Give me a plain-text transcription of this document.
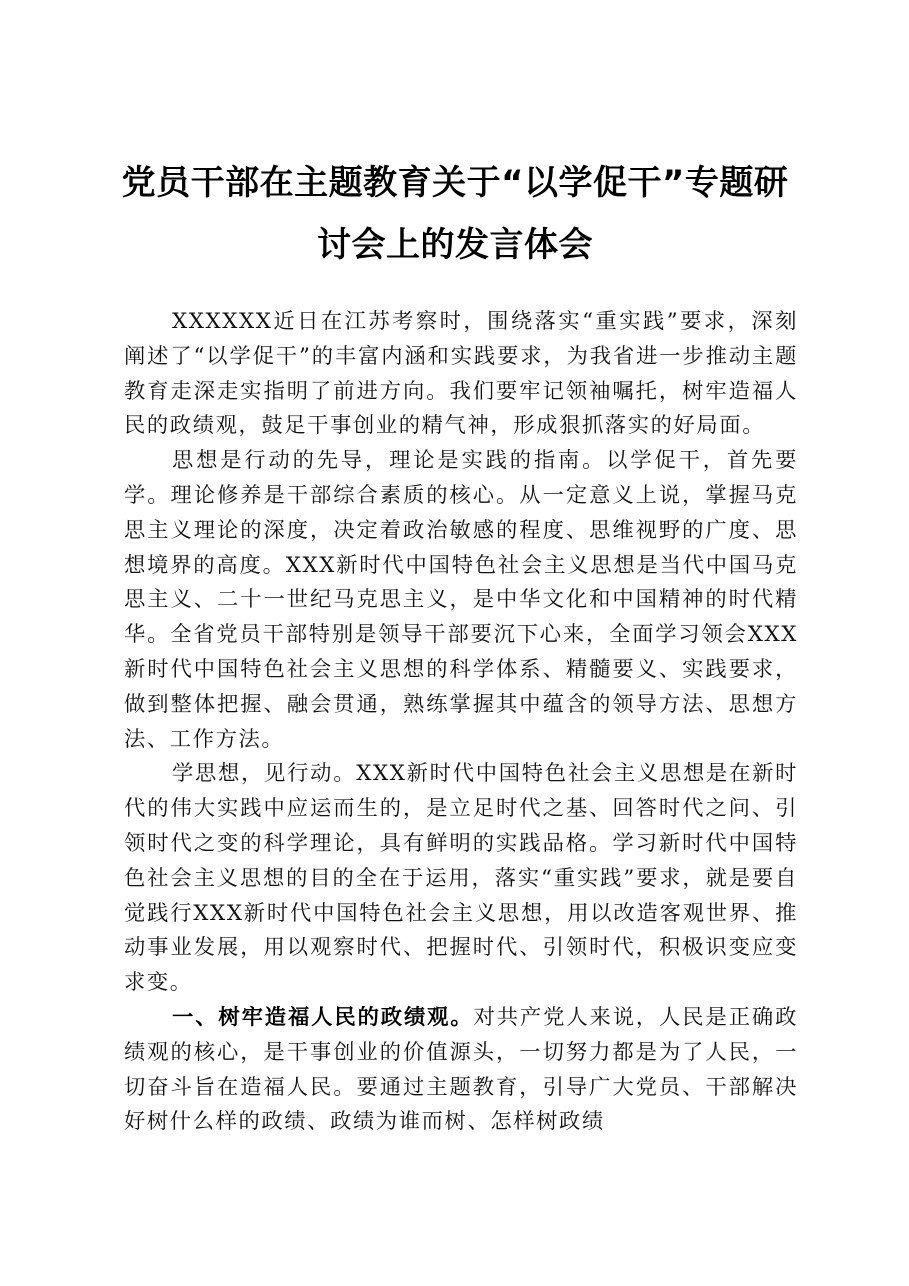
党员干部在主题教育关于“以学促干”专题研
讨会上的发言体会

XXXXXX近日在江苏考察时，围绕落实“重实践”要求，深刻阐述了“以学促干”的丰富内涵和实践要求，为我省进一步推动主题教育走深走实指明了前进方向。我们要牢记领袖嘱托，树牢造福人民的政绩观，鼓足干事创业的精气神，形成狠抓落实的好局面。

思想是行动的先导，理论是实践的指南。以学促干，首先要学。理论修养是干部综合素质的核心。从一定意义上说，掌握马克思主义理论的深度，决定着政治敏感的程度、思维视野的广度、思想境界的高度。XXX新时代中国特色社会主义思想是当代中国马克思主义、二十一世纪马克思主义，是中华文化和中国精神的时代精华。全省党员干部特别是领导干部要沉下心来，全面学习领会XXX新时代中国特色社会主义思想的科学体系、精髓要义、实践要求，做到整体把握、融会贯通，熟练掌握其中蕴含的领导方法、思想方法、工作方法。

学思想，见行动。XXX新时代中国特色社会主义思想是在新时代的伟大实践中应运而生的，是立足时代之基、回答时代之问、引领时代之变的科学理论，具有鲜明的实践品格。学习新时代中国特色社会主义思想的目的全在于运用，落实“重实践”要求，就是要自觉践行XXX新时代中国特色社会主义思想，用以改造客观世界、推动事业发展，用以观察时代、把握时代、引领时代，积极识变应变求变。

一、树牢造福人民的政绩观。对共产党人来说，人民是正确政绩观的核心，是干事创业的价值源头，一切努力都是为了人民，一切奋斗旨在造福人民。要通过主题教育，引导广大党员、干部解决好树什么样的政绩、政绩为谁而树、怎样树政绩
